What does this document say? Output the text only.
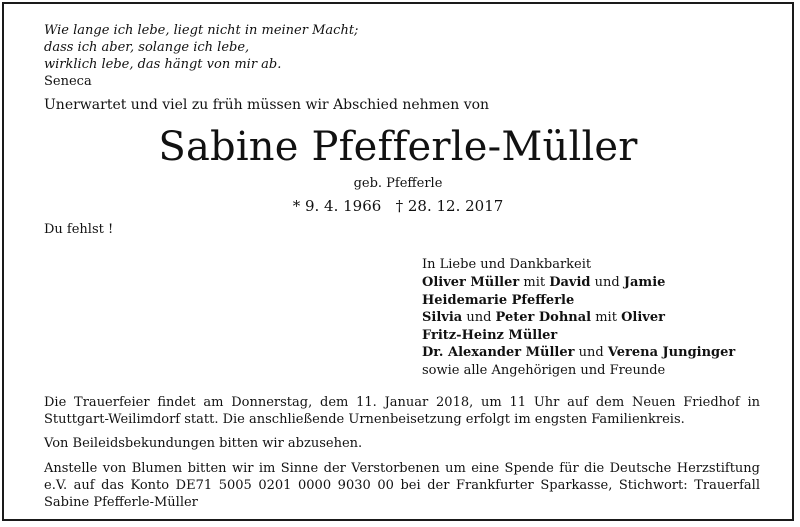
Wie lange ich lebe, liegt nicht in meiner Macht;
dass ich aber, solange ich lebe,
wirklich lebe, das hängt von mir ab.
Seneca
Unerwartet und viel zu früh müssen wir Abschied nehmen von
Sabine Pfefferle-Müller
geb. Pfefferle
* 9. 4. 1966 † 28. 12. 2017
Du fehlst !
In Liebe und Dankbarkeit
Oliver Müller mit David und Jamie
Heidemarie Pfefferle
Silvia und Peter Dohnal mit Oliver
Fritz-Heinz Müller
Dr. Alexander Müller und Verena Junginger
sowie alle Angehörigen und Freunde

Die Trauerfeier findet am Donnerstag, dem 11. Januar 2018, um 11 Uhr auf dem Neuen Friedhof in Stuttgart-Weilimdorf statt. Die anschließende Urnenbeisetzung erfolgt im engsten Familienkreis.

Von Beileidsbekundungen bitten wir abzusehen.

Anstelle von Blumen bitten wir im Sinne der Verstorbenen um eine Spende für die Deutsche Herzstiftung e.V. auf das Konto DE71 5005 0201 0000 9030 00 bei der Frankfurter Sparkasse, Stichwort: Trauerfall Sabine Pfefferle-Müller
